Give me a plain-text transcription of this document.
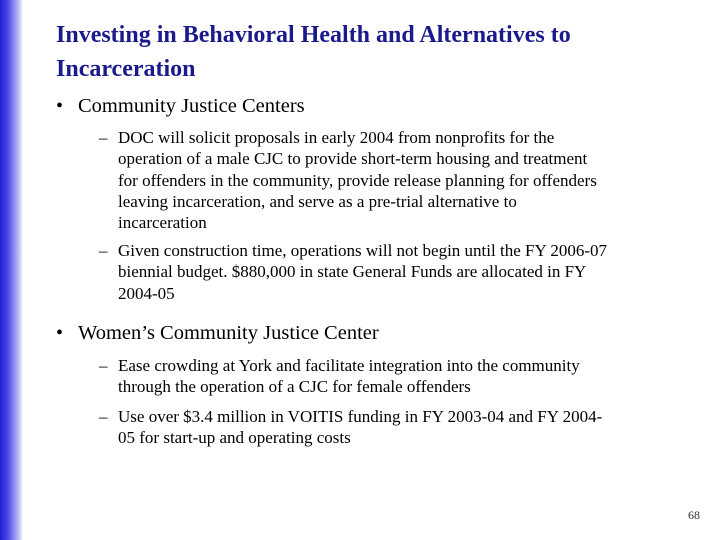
Investing in Behavioral Health and Alternatives to
Incarceration
• Community Justice Centers
– DOC will solicit proposals in early 2004 from nonprofits for the
operation of a male CJC to provide short-term housing and treatment
for offenders in the community, provide release planning for offenders
leaving incarceration, and serve as a pre-trial alternative to
incarceration
– Given construction time, operations will not begin until the FY 2006-07
biennial budget. $880,000 in state General Funds are allocated in FY
2004-05
• Women’s Community Justice Center
– Ease crowding at York and facilitate integration into the community
through the operation of a CJC for female offenders
– Use over $3.4 million in VOITIS funding in FY 2003-04 and FY 2004-
05 for start-up and operating costs
68
